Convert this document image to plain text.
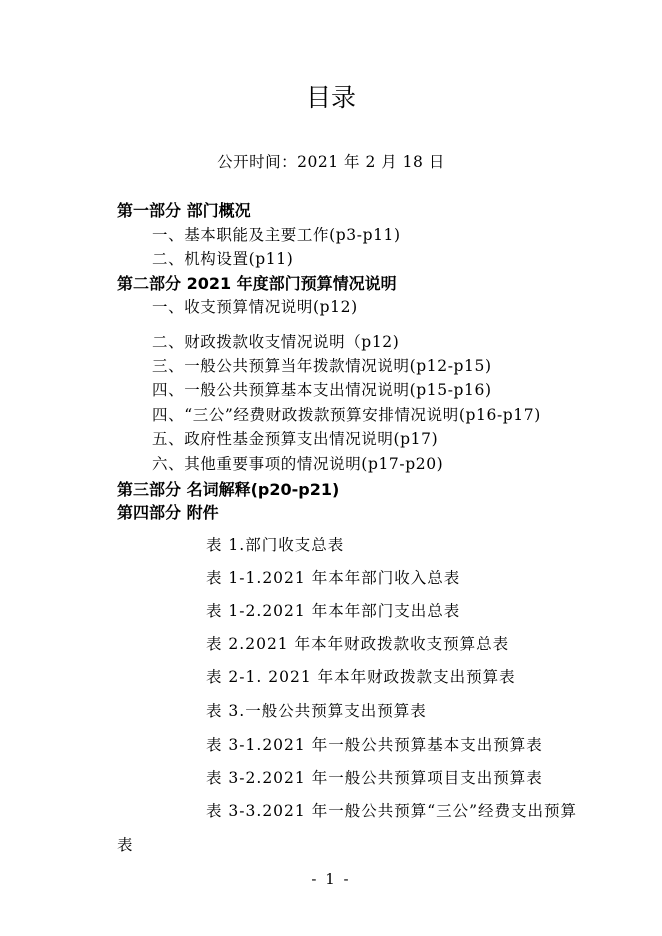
目录
公开时间：2021 年 2 月 18 日
第一部分 部门概况
一、基本职能及主要工作(p3-p11)
二、机构设置(p11)
第二部分 2021 年度部门预算情况说明
一、收支预算情况说明(p12)
二、财政拨款收支情况说明（p12)
三、一般公共预算当年拨款情况说明(p12-p15)
四、一般公共预算基本支出情况说明(p15-p16)
四、“三公”经费财政拨款预算安排情况说明(p16-p17)
五、政府性基金预算支出情况说明(p17)
六、其他重要事项的情况说明(p17-p20)
第三部分 名词解释(p20-p21)
第四部分 附件
表 1.部门收支总表
表 1-1.2021 年本年部门收入总表
表 1-2.2021 年本年部门支出总表
表 2.2021 年本年财政拨款收支预算总表
表 2-1. 2021 年本年财政拨款支出预算表
表 3.一般公共预算支出预算表
表 3-1.2021 年一般公共预算基本支出预算表
表 3-2.2021 年一般公共预算项目支出预算表
表 3-3.2021 年一般公共预算“三公”经费支出预算
表
- 1 -
